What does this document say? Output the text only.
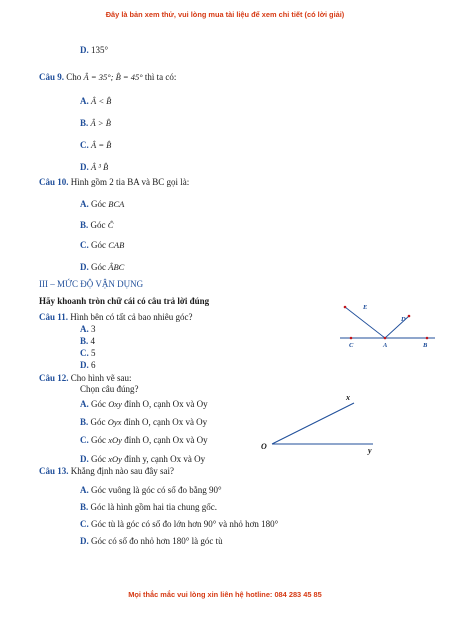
Đây là bản xem thử, vui lòng mua tài liệu để xem chi tiết (có lời giải)
D. 135°
Câu 9. Cho Â = 35°; B̂ = 45° thì ta có:
A. Â < B̂
B. Â > B̂
C. Â = B̂
D. Â ³ B̂
Câu 10. Hình gồm 2 tia BA và BC gọi là:
A. Góc BCA
B. Góc Ĉ
C. Góc CAB
D. Góc ÂBC
III – MỨC ĐỘ VẬN DỤNG
Hãy khoanh tròn chữ cái có câu trả lời đúng
Câu 11. Hình bên có tất cả bao nhiêu góc?
A. 3
B. 4
C. 5
D. 6
E
D
C	A	B
Câu 12. Cho hình vẽ sau:
Chọn câu đúng?
A. Góc Oxy đỉnh O, cạnh Ox và Oy
B. Góc Oyx đỉnh O, cạnh Ox và Oy
C. Góc xOy đỉnh O, cạnh Ox và Oy
D. Góc xOy đỉnh y, cạnh Ox và Oy
x
O	y
Câu 13. Khẳng định nào sau đây sai?
A. Góc vuông là góc có số đo bằng 90°
B. Góc là hình gồm hai tia chung gốc.
C. Góc tù là góc có số đo lớn hơn 90° và nhỏ hơn 180°
D. Góc có số đo nhỏ hơn 180° là góc tù
Mọi thắc mắc vui lòng xin liên hệ hotline: 084 283 45 85
